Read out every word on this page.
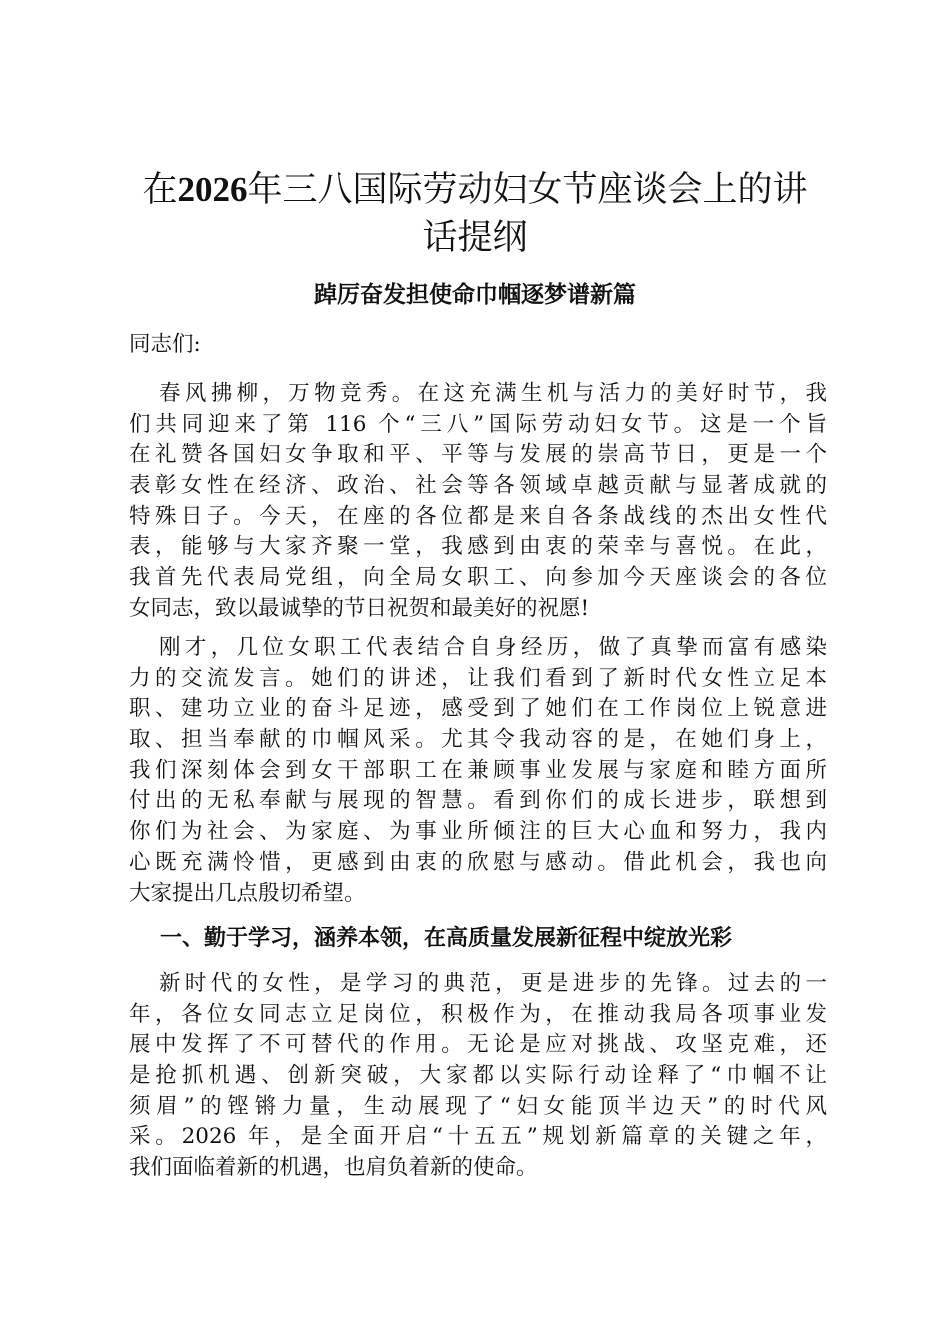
在2026年三八国际劳动妇女节座谈会上的讲
话提纲
踔厉奋发担使命巾帼逐梦谱新篇

同志们:

春风拂柳，万物竞秀。在这充满生机与活力的美好时节，我
们共同迎来了第 116 个“三八”国际劳动妇女节。这是一个旨
在礼赞各国妇女争取和平、平等与发展的崇高节日，更是一个
表彰女性在经济、政治、社会等各领域卓越贡献与显著成就的
特殊日子。今天，在座的各位都是来自各条战线的杰出女性代
表，能够与大家齐聚一堂，我感到由衷的荣幸与喜悦。在此，
我首先代表局党组，向全局女职工、向参加今天座谈会的各位
女同志，致以最诚挚的节日祝贺和最美好的祝愿!
刚才，几位女职工代表结合自身经历，做了真挚而富有感染
力的交流发言。她们的讲述，让我们看到了新时代女性立足本
职、建功立业的奋斗足迹，感受到了她们在工作岗位上锐意进
取、担当奉献的巾帼风采。尤其令我动容的是，在她们身上，
我们深刻体会到女干部职工在兼顾事业发展与家庭和睦方面所
付出的无私奉献与展现的智慧。看到你们的成长进步，联想到
你们为社会、为家庭、为事业所倾注的巨大心血和努力，我内
心既充满怜惜，更感到由衷的欣慰与感动。借此机会，我也向
大家提出几点殷切希望。
一、勤于学习，涵养本领，在高质量发展新征程中绽放光彩
新时代的女性，是学习的典范，更是进步的先锋。过去的一
年，各位女同志立足岗位，积极作为，在推动我局各项事业发
展中发挥了不可替代的作用。无论是应对挑战、攻坚克难，还
是抢抓机遇、创新突破，大家都以实际行动诠释了“巾帼不让
须眉”的铿锵力量，生动展现了“妇女能顶半边天”的时代风
采。2026 年，是全面开启“十五五”规划新篇章的关键之年，
我们面临着新的机遇，也肩负着新的使命。
